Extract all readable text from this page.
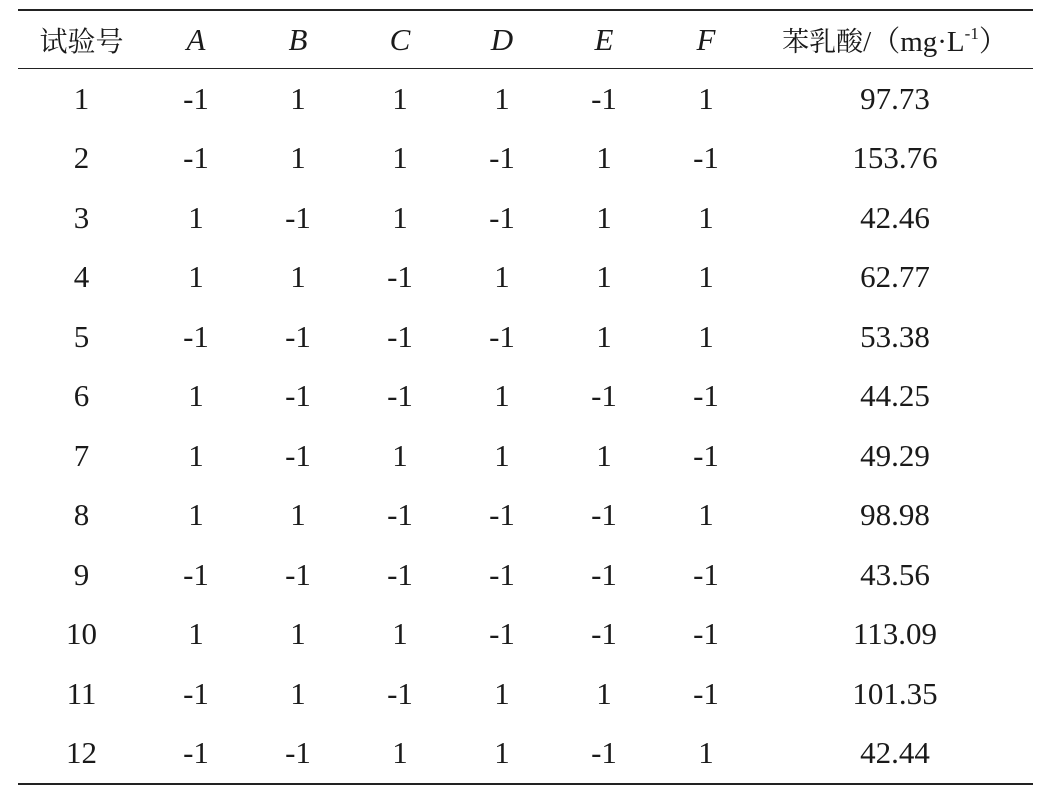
试验号	A	B	C	D	E	F	苯乳酸$/(mg\cdot L^{-1})$
1	-1	1	1	1	-1	1	97.73
2	-1	1	1	-1	1	-1	153.76
3	1	-1	1	-1	1	1	42.46
4	1	1	-1	1	1	1	62.77
5	-1	-1	-1	-1	1	1	53.38
6	1	-1	-1	1	-1	-1	44.25
7	1	-1	1	1	1	-1	49.29
8	1	1	-1	-1	-1	1	98.98
9	-1	-1	-1	-1	-1	-1	43.56
10	1	1	1	-1	-1	-1	113.09
11	-1	1	-1	1	1	-1	101.35
12	-1	-1	1	1	-1	1	42.44
